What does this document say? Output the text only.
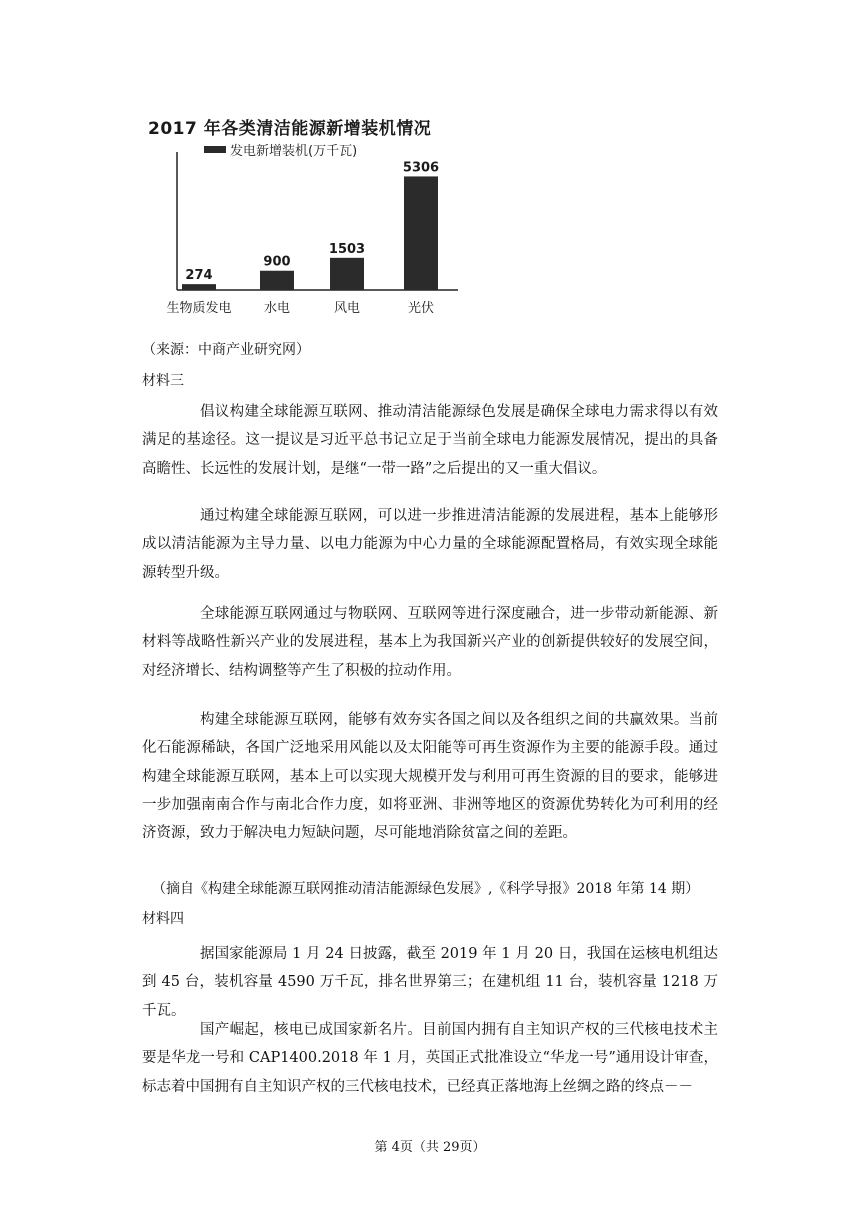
274
生物质发电
900
水电
1503
风电
5306
光伏
2017 年各类清洁能源新增装机情况
发电新增装机(万千瓦)
（来源：中商产业研究网）
材料三

倡议构建全球能源互联网、推动清洁能源绿色发展是确保全球电力需求得以有效满足的基途径。这一提议是习近平总书记立足于当前全球电力能源发展情况，提出的具备高瞻性、长远性的发展计划，是继“一带一路”之后提出的又一重大倡议。

通过构建全球能源互联网，可以进一步推进清洁能源的发展进程，基本上能够形成以清洁能源为主导力量、以电力能源为中心力量的全球能源配置格局，有效实现全球能源转型升级。

全球能源互联网通过与物联网、互联网等进行深度融合，进一步带动新能源、新材料等战略性新兴产业的发展进程，基本上为我国新兴产业的创新提供较好的发展空间，对经济增长、结构调整等产生了积极的拉动作用。

构建全球能源互联网，能够有效夯实各国之间以及各组织之间的共赢效果。当前化石能源稀缺，各国广泛地采用风能以及太阳能等可再生资源作为主要的能源手段。通过构建全球能源互联网，基本上可以实现大规模开发与利用可再生资源的目的要求，能够进一步加强南南合作与南北合作力度，如将亚洲、非洲等地区的资源优势转化为可利用的经济资源，致力于解决电力短缺问题，尽可能地消除贫富之间的差距。

（摘自《构建全球能源互联网推动清洁能源绿色发展》,《科学导报》2018 年第 14 期）
材料四

据国家能源局 1 月 24 日披露，截至 2019 年 1 月 20 日，我国在运核电机组达到 45 台，装机容量 4590 万千瓦，排名世界第三；在建机组 11 台，装机容量 1218 万千瓦。

国产崛起，核电已成国家新名片。目前国内拥有自主知识产权的三代核电技术主要是华龙一号和 CAP1400.2018 年 1 月，英国正式批准设立“华龙一号”通用设计审查，标志着中国拥有自主知识产权的三代核电技术，已经真正落地海上丝绸之路的终点－－

第 4页（共 29页）
